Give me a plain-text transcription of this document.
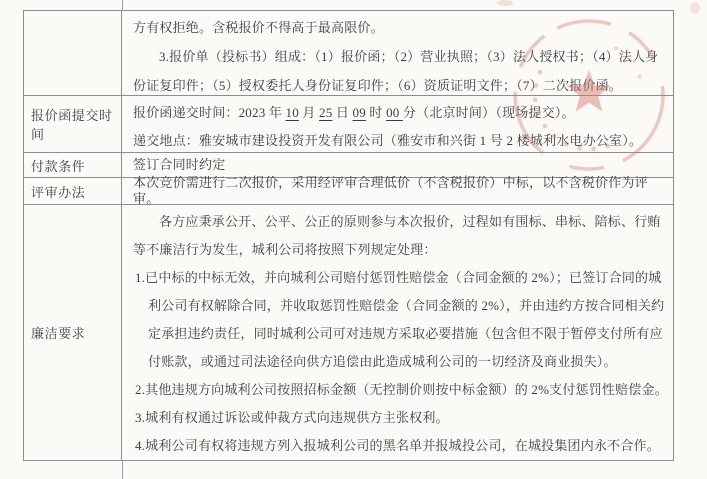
方有权拒绝。含税报价不得高于最高限价。

3.报价单（投标书）组成：（1）报价函；（2）营业执照；（3）法人授权书；（4）法人身份证复印件；（5）授权委托人身份证复印件；（6）资质证明文件；（7）二次报价函。

报价函提交时间

报价函递交时间：2023 年 10 月 25 日 09 时 00 分（北京时间）（现场提交）。

递交地点：雅安城市建设投资开发有限公司（雅安市和兴街 1 号 2 楼城利水电办公室）。

付款条件	签订合同时约定

评审办法

本次竞价需进行二次报价，采用经评审合理低价（不含税报价）中标，以不含税价作为评审。

廉洁要求

各方应秉承公开、公平、公正的原则参与本次报价，过程如有围标、串标、陪标、行贿等不廉洁行为发生，城利公司将按照下列规定处理：

1.已中标的中标无效，并向城利公司赔付惩罚性赔偿金（合同金额的 2%）；已签订合同的城利公司有权解除合同，并收取惩罚性赔偿金（合同金额的 2%），并由违约方按合同相关约定承担违约责任，同时城利公司可对违规方采取必要措施（包含但不限于暂停支付所有应付账款，或通过司法途径向供方追偿由此造成城利公司的一切经济及商业损失）。

2.其他违规方向城利公司按照招标金额（无控制价则按中标金额）的 2%支付惩罚性赔偿金。

3.城利有权通过诉讼或仲裁方式向违规供方主张权利。

4.城利公司有权将违规方列入报城利公司的黑名单并报城投公司，在城投集团内永不合作。
